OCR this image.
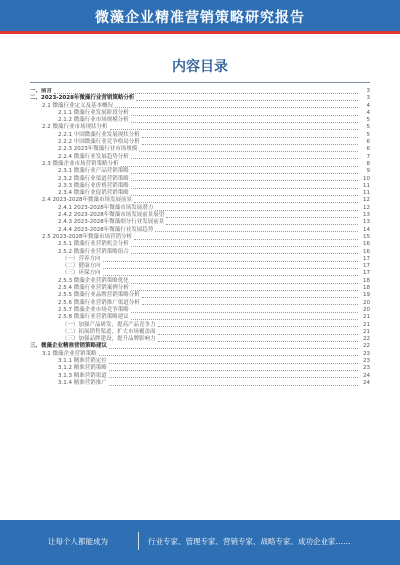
微藻企业精准营销策略研究报告
内容目录
一、前言	3
二、2023-2028年微藻行业营销策略分析	3
2.1 微藻行业定义及基本概况	4
2.1.1 微藻行业发展阶段分析	4
2.1.2 微藻行业市场规模分析	5
2.2 微藻行业市场现状分析	5
2.2.1 中国微藻行业发展现状分析	5
2.2.2 中国微藻行业竞争格局分析	6
2.2.3 2023年微藻行业市场规模	6
2.2.4 微藻行业发展趋势分析	7
2.3 微藻企业市场营销策略分析	8
2.3.1 微藻行业产品营销策略	9
2.3.2 微藻行业渠道营销策略	10
2.3.3 微藻行业价格营销策略	11
2.3.4 微藻行业促销营销策略	11
2.4 2023-2028年微藻市场发展前景	12
2.4.1 2023-2028年微藻市场发展潜力	12
2.4.2 2023-2028年微藻市场发展前景展望	13
2.4.3 2023-2028年微藻细分行业发展前景	13
2.4.4 2023-2028年微藻行业发展趋势	14
2.5 2023-2028年微藻市场营销分析	15
2.5.1 微藻行业营销机会分析	16
2.5.2 微藻行业营销策略组合	16
（一）营养方向	17
（二）健康方向	17
（三）环保方向	17
2.5.3 微藻企业营销策略优化	18
2.5.4 微藻行业营销案例分析	18
2.5.5 微藻行业品牌营销策略分析	19
2.5.6 微藻行业营销推广渠道分析	20
2.5.7 微藻企业市场竞争策略	20
2.5.8 微藻行业营销策略建议	21
（一）加强产品研发，提高产品竞争力	21
（二）拓展销售渠道，扩大市场覆盖面	21
（三）加强品牌建设，提升品牌影响力	22
三、微藻企业精准营销策略建议	22
3.1 微藻企业营销策略	23
3.1.1 精准营销定位	23
3.1.2 精准营销策略	23
3.1.3 精准营销渠道	24
3.1.4 精准营销推广	24
让每个人都能成为	行业专家、管理专家、营销专家、战略专家、成功企业家……
